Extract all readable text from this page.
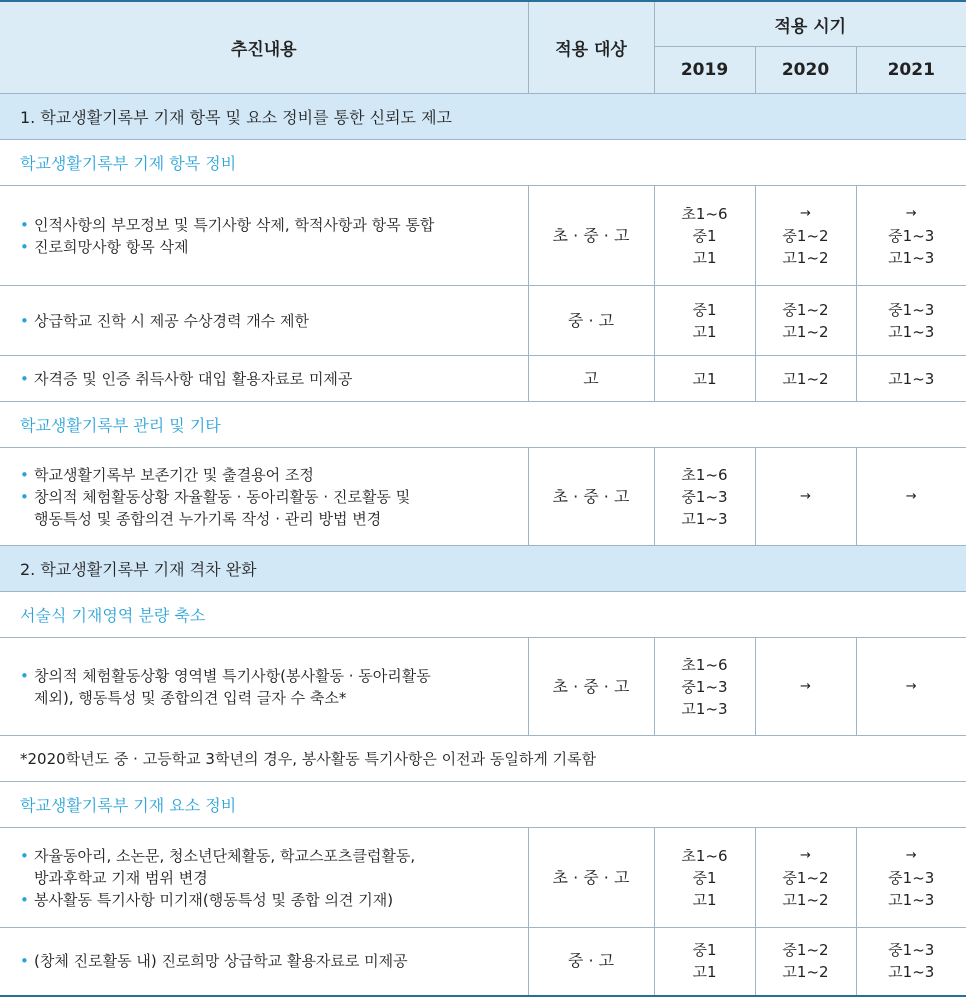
추진내용	적용 대상	적용 시기		
		2019	2020	2021
1. 학교생활기록부 기재 항목 및 요소 정비를 통한 신뢰도 제고				
학교생활기록부 기제 항목 정비				

• 인적사항의 부모정보 및 특기사항 삭제, 학적사항과 항목 통합
• 진로희망사항 항목 삭제	초 · 중 · 고	초1~6
중1
고1	→
중1~2
고1~2	→
중1~3
고1~3

• 상급학교 진학 시 제공 수상경력 개수 제한	중 · 고	중1
고1	중1~2
고1~2	중1~3
고1~3

• 자격증 및 인증 취득사항 대입 활용자료로 미제공	고	고1	고1~2	고1~3

학교생활기록부 관리 및 기타				

• 학교생활기록부 보존기간 및 출결용어 조정
• 창의적 체험활동상황 자율활동 · 동아리활동 · 진로활동 및
행동특성 및 종합의견 누가기록 작성 · 관리 방법 변경	초 · 중 · 고	초1~6
중1~3
고1~3	→	→

2. 학교생활기록부 기재 격차 완화				
서술식 기재영역 분량 축소				

• 창의적 체험활동상황 영역별 특기사항(봉사활동 · 동아리활동
제외), 행동특성 및 종합의견 입력 글자 수 축소*	초 · 중 · 고	초1~6
중1~3
고1~3	→	→

*2020학년도 중 · 고등학교 3학년의 경우, 봉사활동 특기사항은 이전과 동일하게 기록함				
학교생활기록부 기재 요소 정비				

• 자율동아리, 소논문, 청소년단체활동, 학교스포츠클럽활동,
방과후학교 기재 범위 변경
• 봉사활동 특기사항 미기재(행동특성 및 종합 의견 기재)	초 · 중 · 고	초1~6
중1
고1	→
중1~2
고1~2	→
중1~3
고1~3

• (창체 진로활동 내) 진로희망 상급학교 활용자료로 미제공	중 · 고	중1
고1	중1~2
고1~2	중1~3
고1~3
